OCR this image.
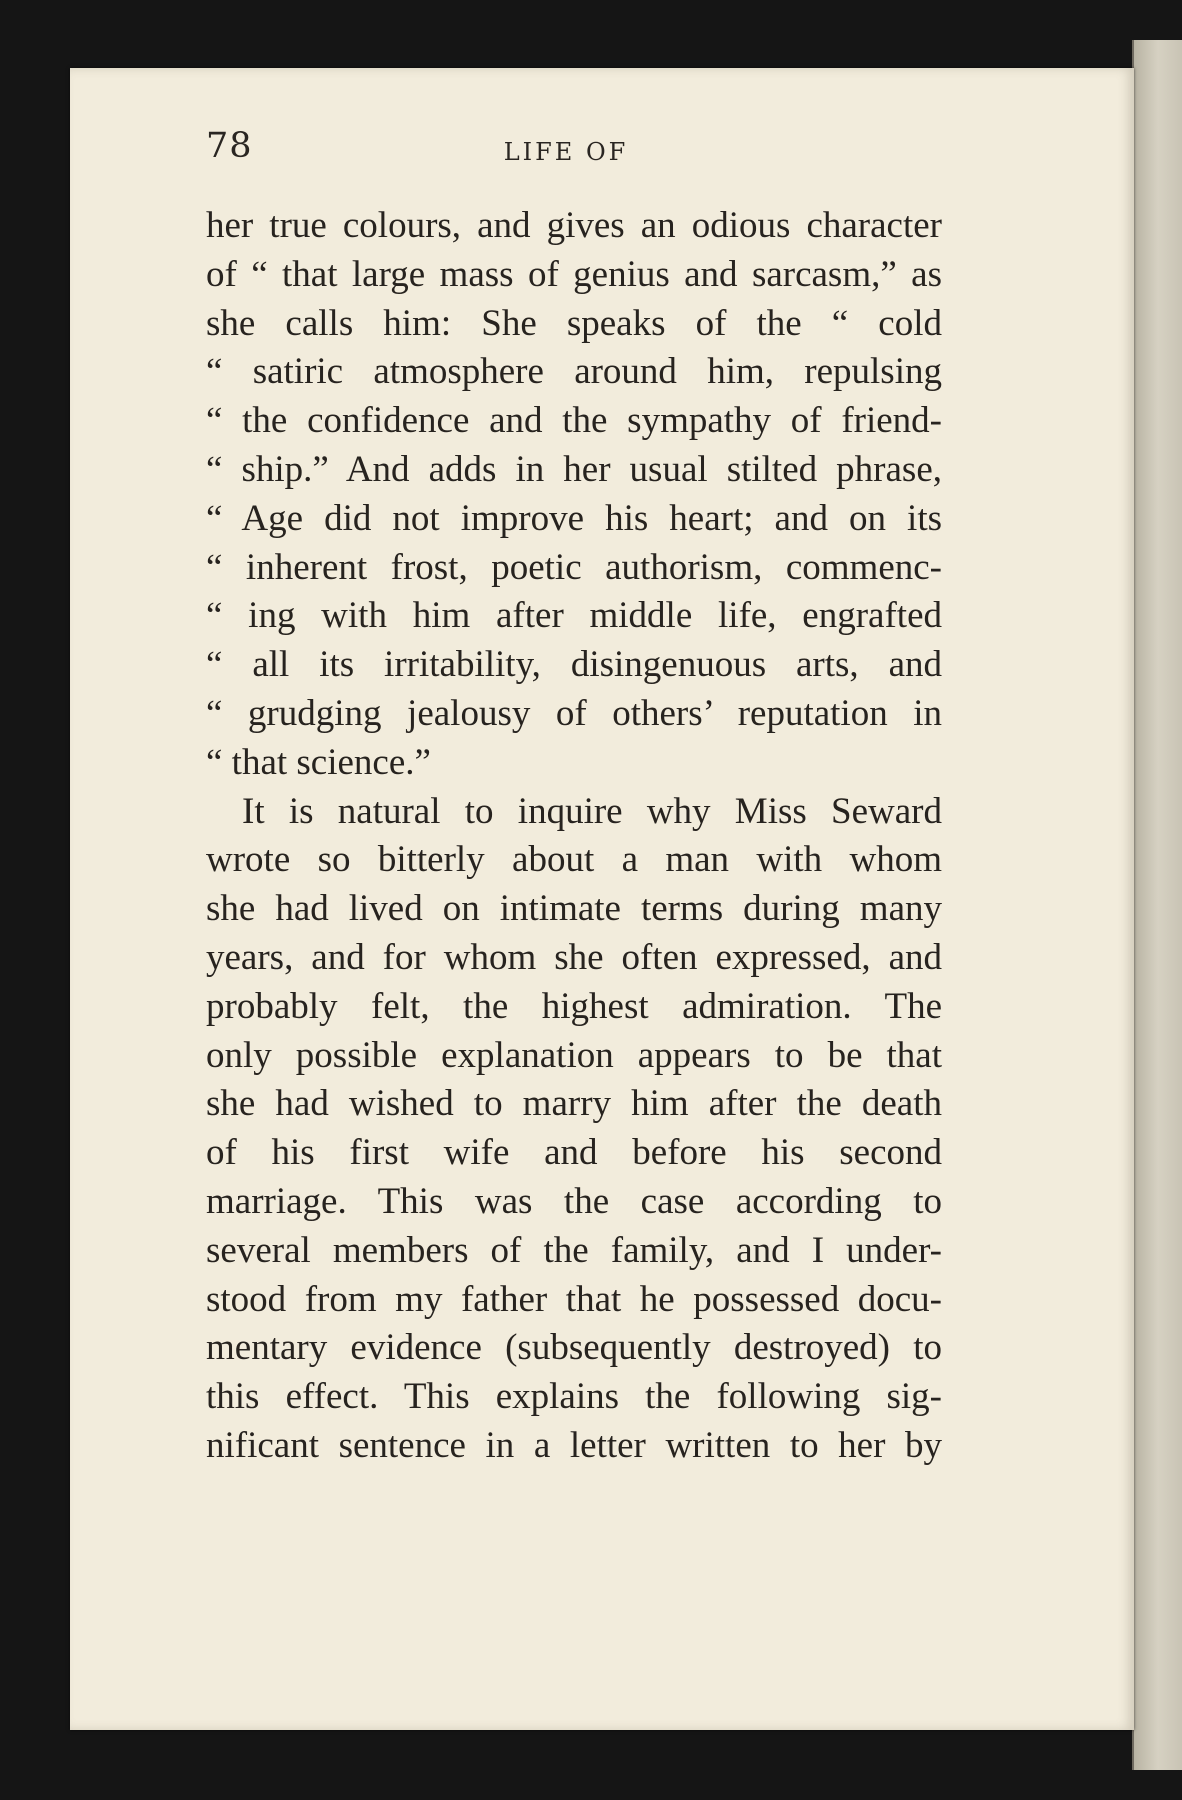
78	LIFE OF
her true colours, and gives an odious character
of “ that large mass of genius and sarcasm,” as
she calls him: She speaks of the “ cold
“ satiric atmosphere around him, repulsing
“ the confidence and the sympathy of friend-
“ ship.” And adds in her usual stilted phrase,
“ Age did not improve his heart; and on its
“ inherent frost, poetic authorism, commenc-
“ ing with him after middle life, engrafted
“ all its irritability, disingenuous arts, and
“ grudging jealousy of others’ reputation in
“ that science.”
It is natural to inquire why Miss Seward
wrote so bitterly about a man with whom
she had lived on intimate terms during many
years, and for whom she often expressed, and
probably felt, the highest admiration. The
only possible explanation appears to be that
she had wished to marry him after the death
of his first wife and before his second
marriage. This was the case according to
several members of the family, and I under-
stood from my father that he possessed docu-
mentary evidence (subsequently destroyed) to
this effect. This explains the following sig-
nificant sentence in a letter written to her by
